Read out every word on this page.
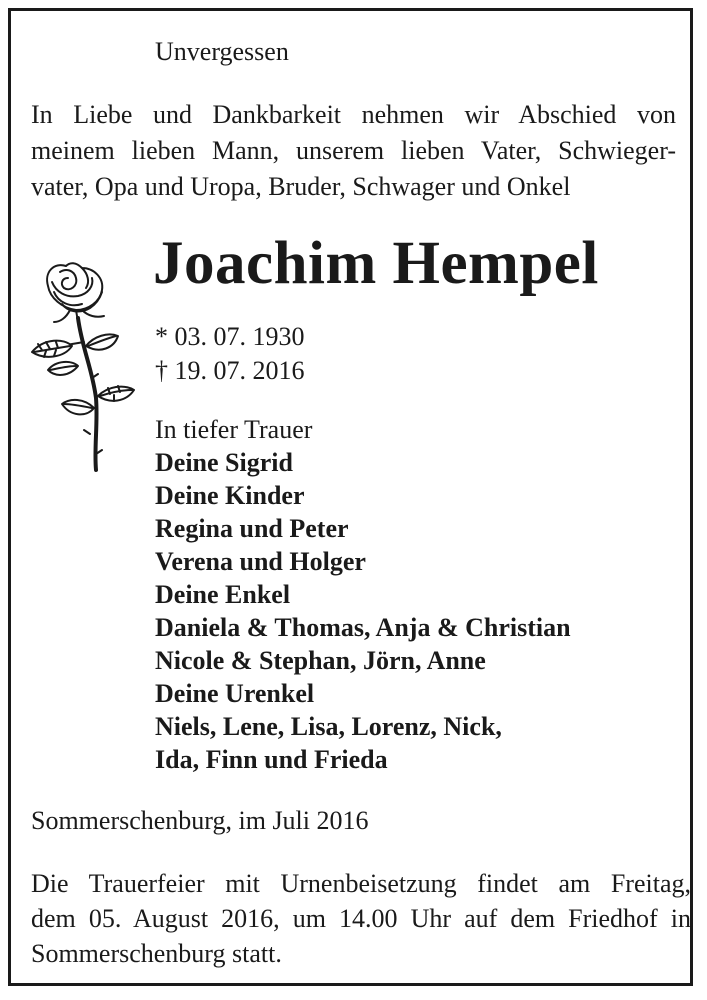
Unvergessen
In Liebe und Dankbarkeit nehmen wir Abschied von
meinem lieben Mann, unserem lieben Vater, Schwieger-
vater, Opa und Uropa, Bruder, Schwager und Onkel
Joachim Hempel
* 03. 07. 1930
† 19. 07. 2016
In tiefer Trauer
Deine Sigrid
Deine Kinder
Regina und Peter
Verena und Holger
Deine Enkel
Daniela & Thomas, Anja & Christian
Nicole & Stephan, Jörn, Anne
Deine Urenkel
Niels, Lene, Lisa, Lorenz, Nick,
Ida, Finn und Frieda
Sommerschenburg, im Juli 2016
Die Trauerfeier mit Urnenbeisetzung findet am Freitag,
dem 05. August 2016, um 14.00 Uhr auf dem Friedhof in
Sommerschenburg statt.
